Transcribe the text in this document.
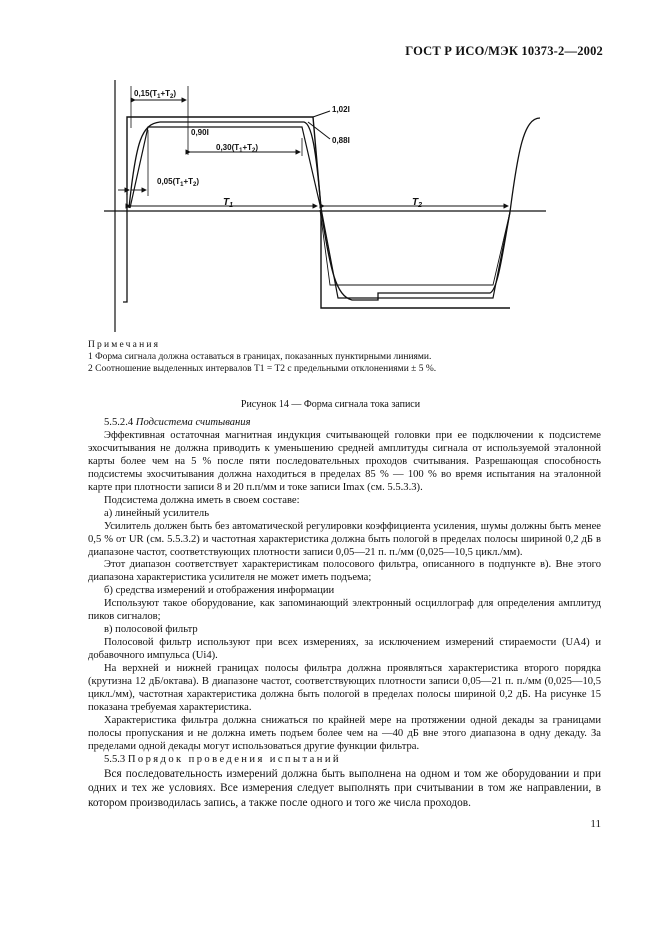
ГОСТ Р ИСО/МЭК 10373-2—2002
$0,15(T_1+T_2)$
1,02I
0,90I
0,88I
$0,30(T_1+T_2)$
$0,05(T_1+T_2)$
$T_1$	$T_2$
Примечания
1 Форма сигнала должна оставаться в границах, показанных пунктирными линиями.
2 Соотношение выделенных интервалов T1 = T2 с предельными отклонениями ± 5 %.
Рисунок 14 — Форма сигнала тока записи

5.5.2.4 Подсистема считывания

Эффективная остаточная магнитная индукция считывающей головки при ее подключении к подсистеме эхосчитывания не должна приводить к уменьшению средней амплитуды сигнала от используемой эталонной карты более чем на 5 % после пяти последовательных проходов считывания. Разрешающая способность подсистемы эхосчитывания должна находиться в пределах 85 % — 100 % во время испытания на эталонной карте при плотности записи 8 и 20 п.п/мм и токе записи Imax (см. 5.5.3.3).

Подсистема должна иметь в своем составе:

а) линейный усилитель

Усилитель должен быть без автоматической регулировки коэффициента усиления, шумы должны быть менее 0,5 % от UR (см. 5.5.3.2) и частотная характеристика должна быть пологой в пределах полосы шириной 0,2 дБ в диапазоне частот, соответствующих плотности записи 0,05—21 п. п./мм (0,025—10,5 цикл./мм).

Этот диапазон соответствует характеристикам полосового фильтра, описанного в подпункте в). Вне этого диапазона характеристика усилителя не может иметь подъема;

б) средства измерений и отображения информации

Используют такое оборудование, как запоминающий электронный осциллограф для определения амплитуд пиков сигналов;

в) полосовой фильтр

Полосовой фильтр используют при всех измерениях, за исключением измерений стираемости (UA4) и добавочного импульса (Ui4).

На верхней и нижней границах полосы фильтра должна проявляться характеристика второго порядка (крутизна 12 дБ/октава). В диапазоне частот, соответствующих плотности записи 0,05—21 п. п./мм (0,025—10,5 цикл./мм), частотная характеристика должна быть пологой в пределах полосы шириной 0,2 дБ. На рисунке 15 показана требуемая характеристика.

Характеристика фильтра должна снижаться по крайней мере на протяжении одной декады за границами полосы пропускания и не должна иметь подъем более чем на —40 дБ вне этого диапазона в одну декаду. За пределами одной декады могут использоваться другие функции фильтра.

5.5.3 Порядок проведения испытаний

Вся последовательность измерений должна быть выполнена на одном и том же оборудовании и при одних и тех же условиях. Все измерения следует выполнять при считывании в том же направлении, в котором производилась запись, а также после одного и того же числа проходов.

11
